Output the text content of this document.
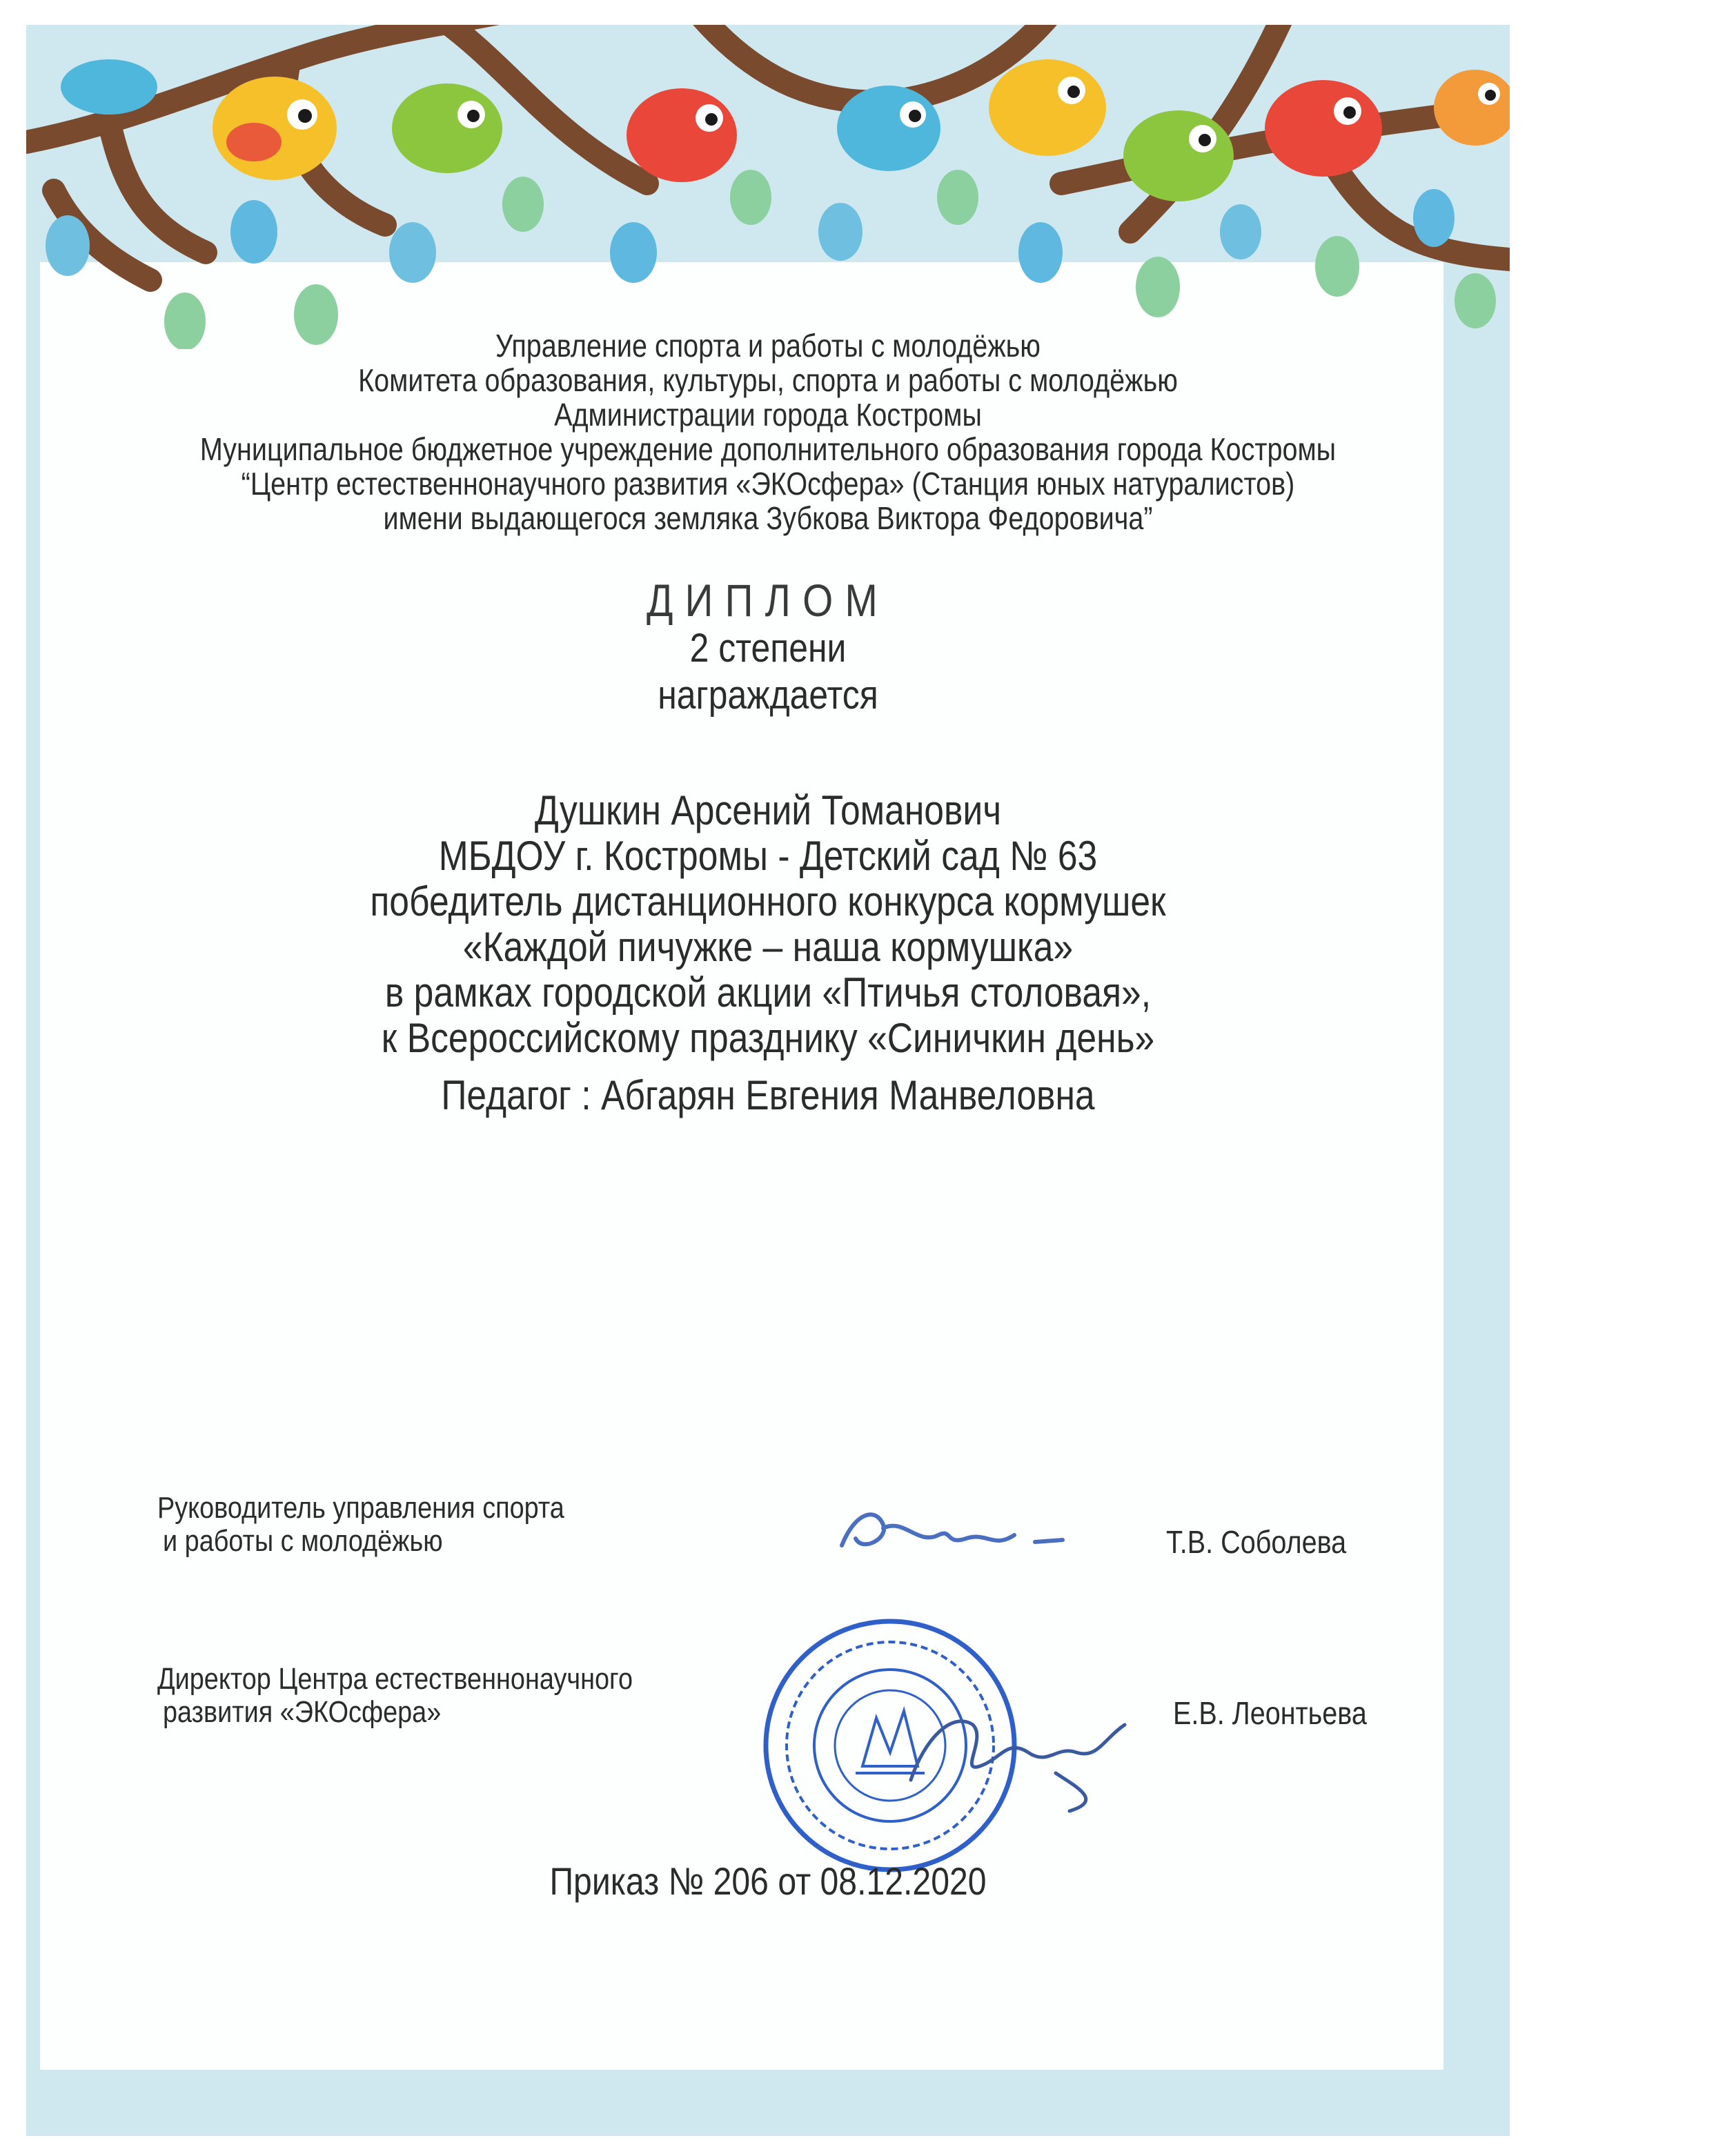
Управление спорта и работы с молодёжью
Комитета образования, культуры, спорта и работы с молодёжью
Администрации города Костромы
Муниципальное бюджетное учреждение дополнительного образования города Костромы
“Центр естественнонаучного развития «ЭКОсфера» (Станция юных натуралистов)
имени выдающегося земляка Зубкова Виктора Федоровича”
ДИПЛОМ
2 степени
награждается
Душкин Арсений Томанович
МБДОУ г. Костромы - Детский сад № 63
победитель дистанционного конкурса кормушек
«Каждой пичужке – наша кормушка»
в рамках городской акции «Птичья столовая»,
к Всероссийскому празднику «Синичкин день»
Педагог : Абгарян Евгения Манвеловна
Руководитель управления спорта
и работы с молодёжью	Т.В. Соболева
Директор Центра естественнонаучного
развития «ЭКОсфера»	Е.В. Леонтьева
Приказ № 206 от 08.12.2020
